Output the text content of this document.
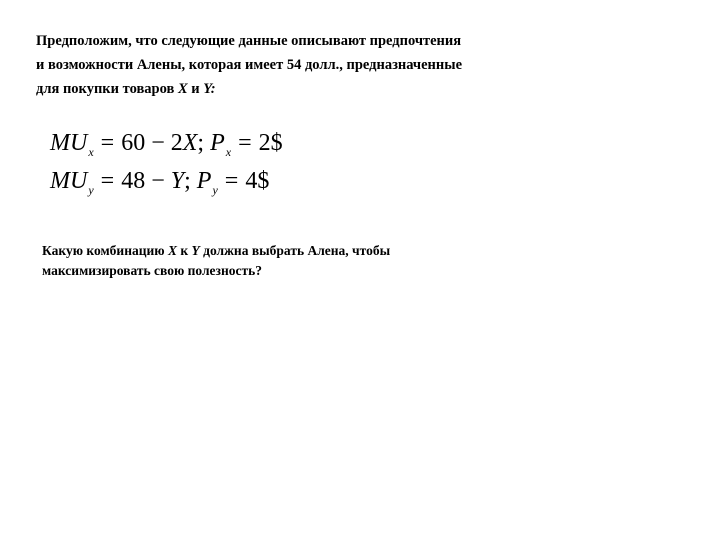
Предположим, что следующие данные описывают предпочтения
и возможности Алены, которая имеет 54 долл., предназначенные
для покупки товаров X и Y:
$MU_x = 60 - 2X$; $P_x$ = 2$
$MU_y = 48 - Y$; $P_y$ = 4$
Какую комбинацию X к Y должна выбрать Алена, чтобы
максимизировать свою полезность?
